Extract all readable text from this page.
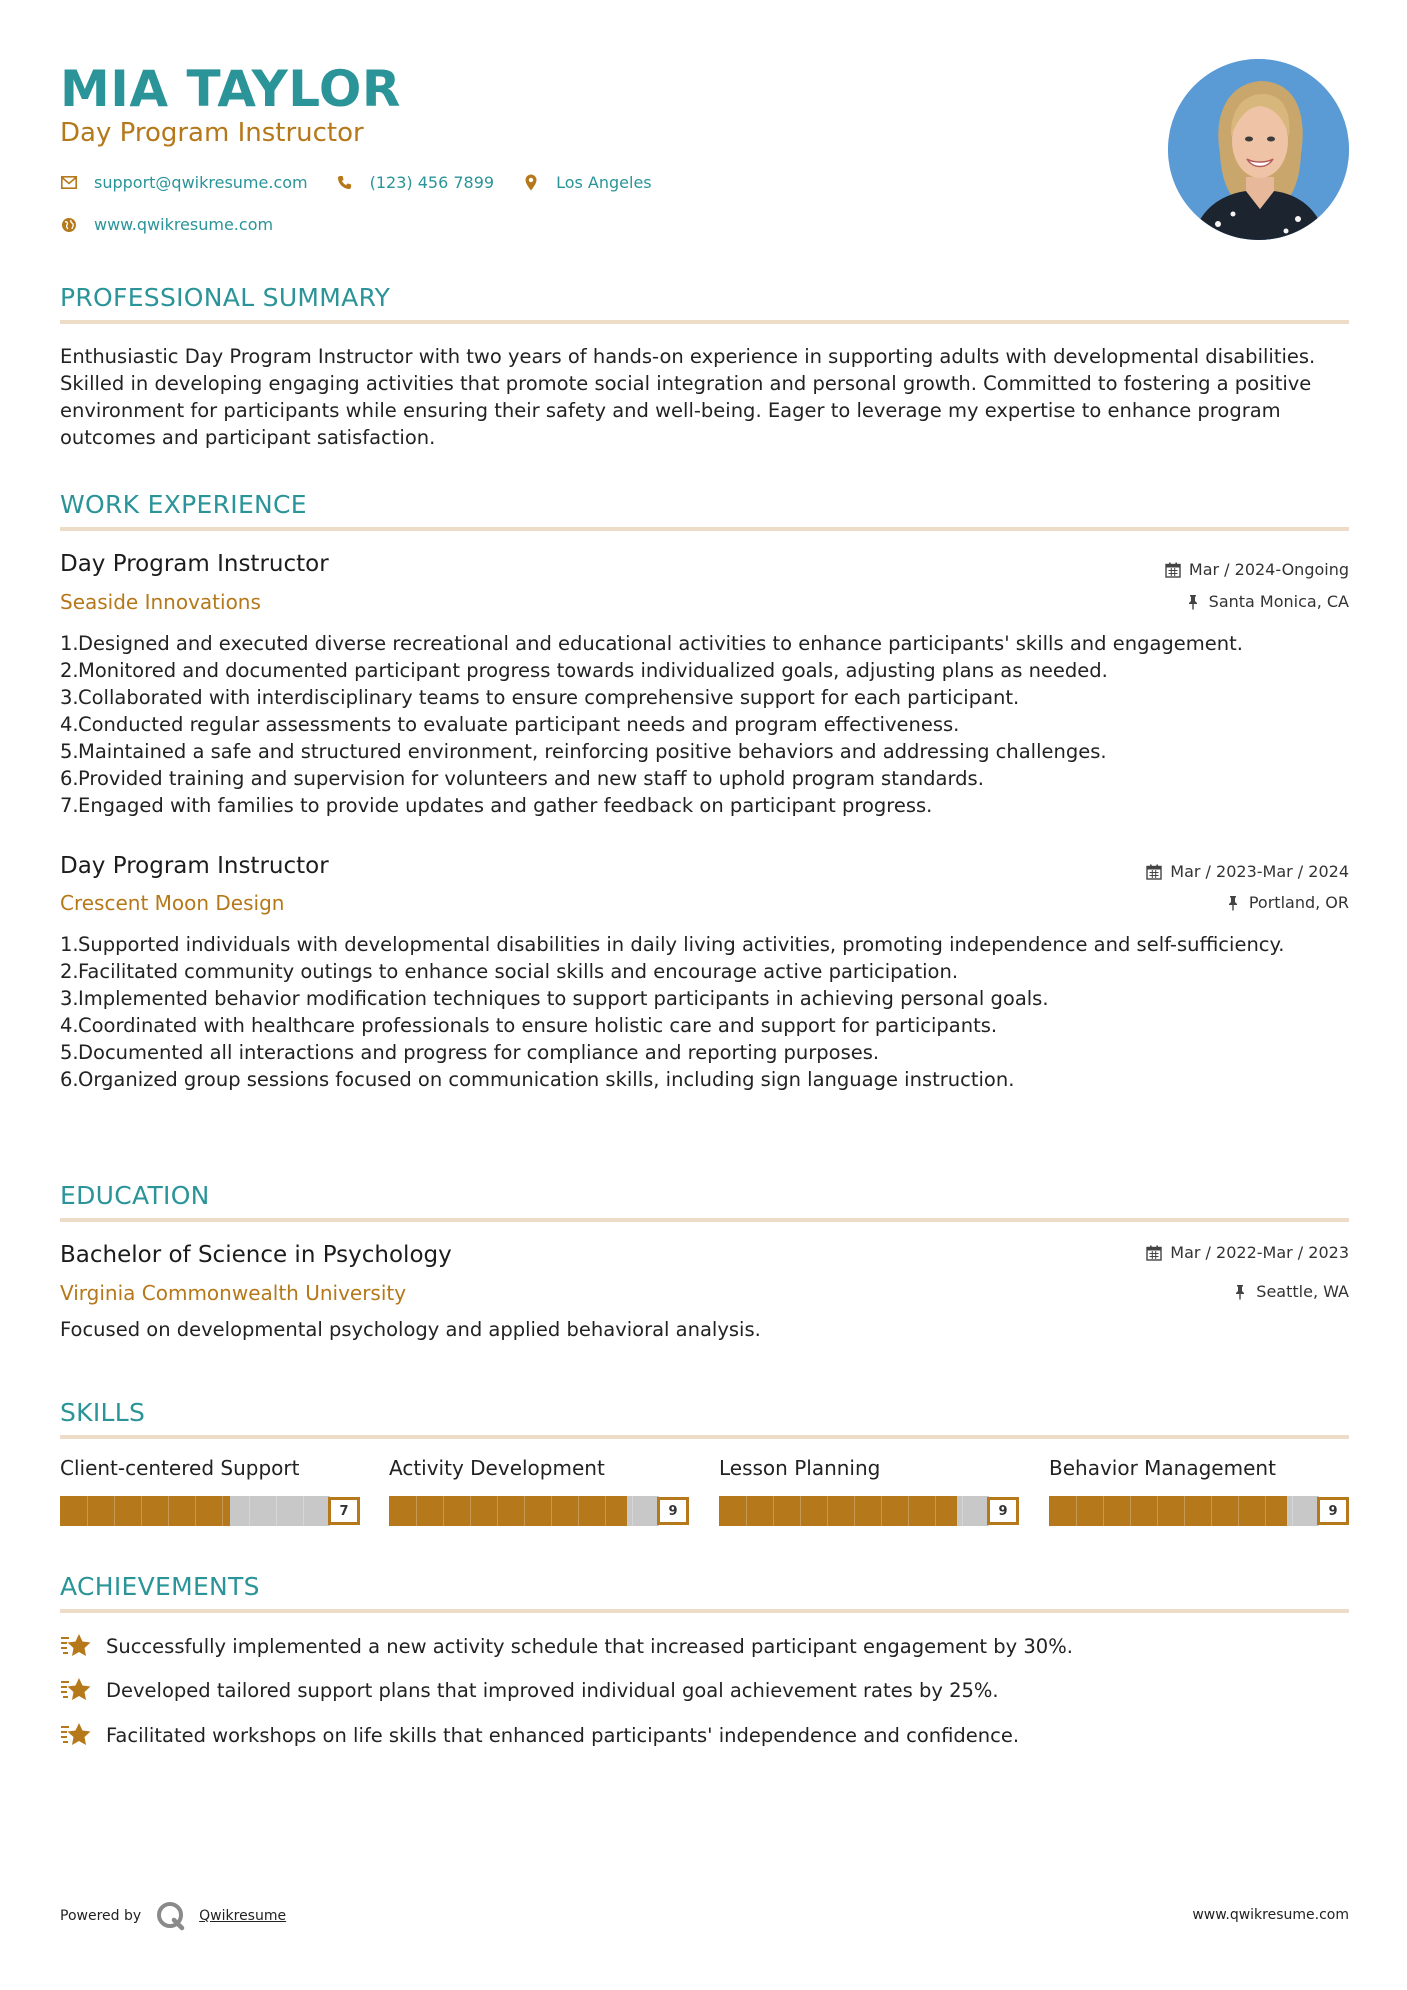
MIA TAYLOR
Day Program Instructor
support@qwikresume.com	(123) 456 7899	Los Angeles
www.qwikresume.com
PROFESSIONAL SUMMARY
Enthusiastic Day Program Instructor with two years of hands-on experience in supporting adults with developmental disabilities. Skilled in developing engaging activities that promote social integration and personal growth. Committed to fostering a positive environment for participants while ensuring their safety and well-being. Eager to leverage my expertise to enhance program outcomes and participant satisfaction.
WORK EXPERIENCE
Day Program Instructor
Seaside Innovations
Mar / 2024-Ongoing
Santa Monica, CA
1. Designed and executed diverse recreational and educational activities to enhance participants' skills and engagement.
2. Monitored and documented participant progress towards individualized goals, adjusting plans as needed.
3. Collaborated with interdisciplinary teams to ensure comprehensive support for each participant.
4. Conducted regular assessments to evaluate participant needs and program effectiveness.
5. Maintained a safe and structured environment, reinforcing positive behaviors and addressing challenges.
6. Provided training and supervision for volunteers and new staff to uphold program standards.
7. Engaged with families to provide updates and gather feedback on participant progress.
Day Program Instructor
Crescent Moon Design
Mar / 2023-Mar / 2024
Portland, OR
1. Supported individuals with developmental disabilities in daily living activities, promoting independence and self-sufficiency.
2. Facilitated community outings to enhance social skills and encourage active participation.
3. Implemented behavior modification techniques to support participants in achieving personal goals.
4. Coordinated with healthcare professionals to ensure holistic care and support for participants.
5. Documented all interactions and progress for compliance and reporting purposes.
6. Organized group sessions focused on communication skills, including sign language instruction.
EDUCATION
Bachelor of Science in Psychology
Virginia Commonwealth University
Mar / 2022-Mar / 2023
Seattle, WA
Focused on developmental psychology and applied behavioral analysis.
SKILLS
Client-centered Support
7
Activity Development
9
Lesson Planning
9
Behavior Management
9
ACHIEVEMENTS
Successfully implemented a new activity schedule that increased participant engagement by 30%.
Developed tailored support plans that improved individual goal achievement rates by 25%.
Facilitated workshops on life skills that enhanced participants' independence and confidence.
Powered by	Qwikresume	www.qwikresume.com
